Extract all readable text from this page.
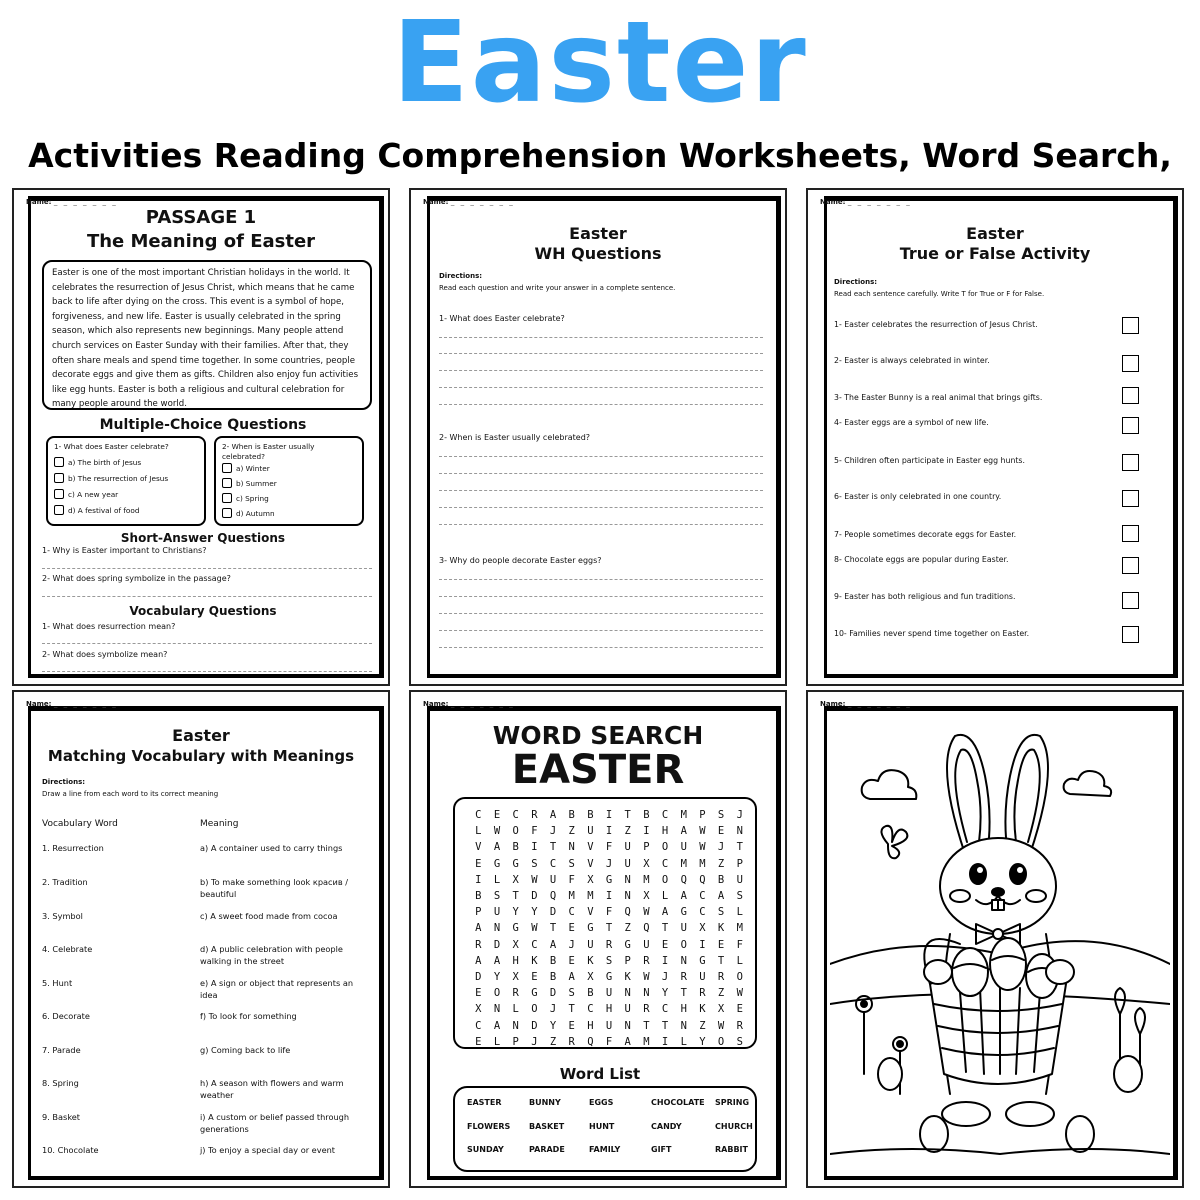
Easter
Activities Reading Comprehension Worksheets, Word Search,
Name: _ _ _ _ _ _ _
PASSAGE 1
The Meaning of Easter
Easter is one of the most important Christian holidays in the world. It celebrates the resurrection of Jesus Christ, which means that he came back to life after dying on the cross. This event is a symbol of hope, forgiveness, and new life. Easter is usually celebrated in the spring season, which also represents new beginnings. Many people attend church services on Easter Sunday with their families. After that, they often share meals and spend time together. In some countries, people decorate eggs and give them as gifts. Children also enjoy fun activities like egg hunts. Easter is both a religious and cultural celebration for many people around the world.
Multiple-Choice Questions
1- What does Easter celebrate?
a) The birth of Jesus
b) The resurrection of Jesus
c) A new year
d) A festival of food
2- When is Easter usually celebrated?
a) Winter
b) Summer
c) Spring
d) Autumn
Short-Answer Questions
1- Why is Easter important to Christians?
2- What does spring symbolize in the passage?
Vocabulary Questions
1- What does resurrection mean?
2- What does symbolize mean?
Name: _ _ _ _ _ _ _
Easter
WH Questions
Directions:
Read each question and write your answer in a complete sentence.
1- What does Easter celebrate?
2- When is Easter usually celebrated?
3- Why do people decorate Easter eggs?
Name: _ _ _ _ _ _ _
Easter
True or False Activity
Directions:
Read each sentence carefully. Write T for True or F for False.
1- Easter celebrates the resurrection of Jesus Christ.
2- Easter is always celebrated in winter.
3- The Easter Bunny is a real animal that brings gifts.
4- Easter eggs are a symbol of new life.
5- Children often participate in Easter egg hunts.
6- Easter is only celebrated in one country.
7- People sometimes decorate eggs for Easter.
8- Chocolate eggs are popular during Easter.
9- Easter has both religious and fun traditions.
10- Families never spend time together on Easter.
Name: _ _ _ _ _ _ _
Easter
Matching Vocabulary with Meanings
Directions:
Draw a line from each word to its correct meaning
Vocabulary Word	Meaning
1. Resurrection	a) A container used to carry things
2. Tradition	b) To make something look красив / beautiful
3. Symbol	c) A sweet food made from cocoa
4. Celebrate	d) A public celebration with people walking in the street
5. Hunt	e) A sign or object that represents an idea
6. Decorate	f) To look for something
7. Parade	g) Coming back to life
8. Spring	h) A season with flowers and warm weather
9. Basket	i) A custom or belief passed through generations
10. Chocolate	j) To enjoy a special day or event
Name: _ _ _ _ _ _ _
WORD SEARCH
EASTER
C	E	C	R	A	B	B	I	T	B	C	M	P	S	J
L	W	O	F	J	Z	U	I	Z	I	H	A	W	E	N
V	A	B	I	T	N	V	F	U	P	O	U	W	J	T
E	G	G	S	C	S	V	J	U	X	C	M	M	Z	P
I	L	X	W	U	F	X	G	N	M	O	Q	Q	B	U
B	S	T	D	Q	M	M	I	N	X	L	A	C	A	S
P	U	Y	Y	D	C	V	F	Q	W	A	G	C	S	L
A	N	G	W	T	E	G	T	Z	Q	T	U	X	K	M
R	D	X	C	A	J	U	R	G	U	E	O	I	E	F
A	A	H	K	B	E	K	S	P	R	I	N	G	T	L
D	Y	X	E	B	A	X	G	K	W	J	R	U	R	O
E	O	R	G	D	S	B	U	N	N	Y	T	R	Z	W
X	N	L	O	J	T	C	H	U	R	C	H	K	X	E
C	A	N	D	Y	E	H	U	N	T	T	N	Z	W	R
E	L	P	J	Z	R	Q	F	A	M	I	L	Y	O	S
Word List
EASTER	BUNNY	EGGS	CHOCOLATE SPRING
FLOWERS BASKET	HUNT	CANDY	CHURCH
SUNDAY	PARADE	FAMILY	GIFT	RABBIT
Name: _ _ _ _ _ _ _
